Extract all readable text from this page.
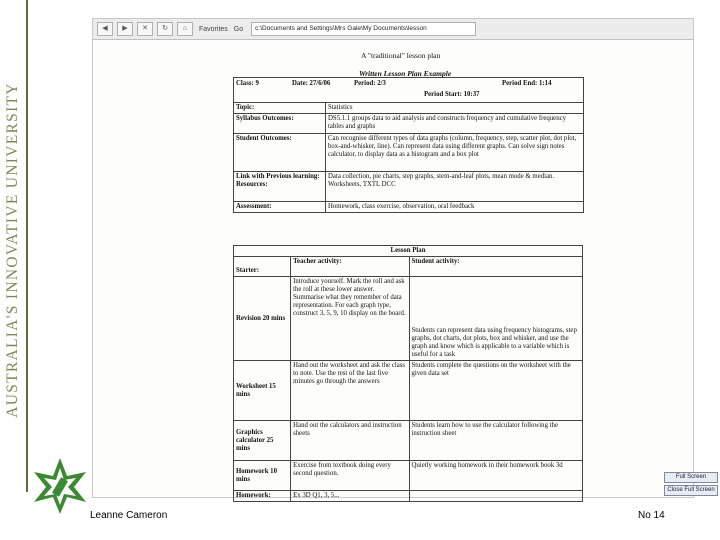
AUSTRALIA'S INNOVATIVE UNIVERSITY
◀	▶	✕	↻	⌂	Favorites Go	c:\Documents and Settings\Mrs Gale\My Documents\lesson
A "traditional" lesson plan
Written Lesson Plan Example
Class: 9 Date: 27/6/06 Period: 2/3 Period End: 1:14
Period Start: 10:37	

Topic:	Statistics
Syllabus Outcomes:	DS5.1.1 groups data to aid analysis and constructs frequency and cumulative frequency tables and graphs
Student Outcomes:	Can recognise different types of data graphs (column, frequency, step, scatter plot, dot plot, box-and-whisker, line). Can represent data using different graphs. Can solve sign notes calculator, to display data as a histogram and a box plot
Link with Previous learning: Resources:	Data collection, pie charts, step graphs, stem-and-leaf plots, mean mode & median. Worksheets, TXTL DCC
Assessment:	Homework, class exercise, observation, oral feedback
Lesson Plan		
Starter:	Teacher activity:	Student activity:
Revision 20 mins	Introduce yourself. Mark the roll and ask the roll at these lower answer. Summarise what they remember of data representation. For each graph type, construct 3, 5, 9, 10 display on the board.	Students can represent data using frequency histograms, step graphs, dot charts, dot plots, box and whisker, and use the graph and know which is applicable to a variable which is useful for a task
Worksheet 15 mins	Hand out the worksheet and ask the class to note. Use the rest of the last five minutes go through the answers	Students complete the questions on the worksheet with the given data set
Graphics calculator 25 mins	Hand out the calculators and instruction sheets	Students learn how to use the calculator following the instruction sheet
Homework 10 mins	Exercise from textbook doing every second question.	Quietly working homework in their homework book 3d
Homework:	Ex 3D Q1, 3, 5...	
Full Screen
Close Full Screen
Leanne Cameron	No 14
